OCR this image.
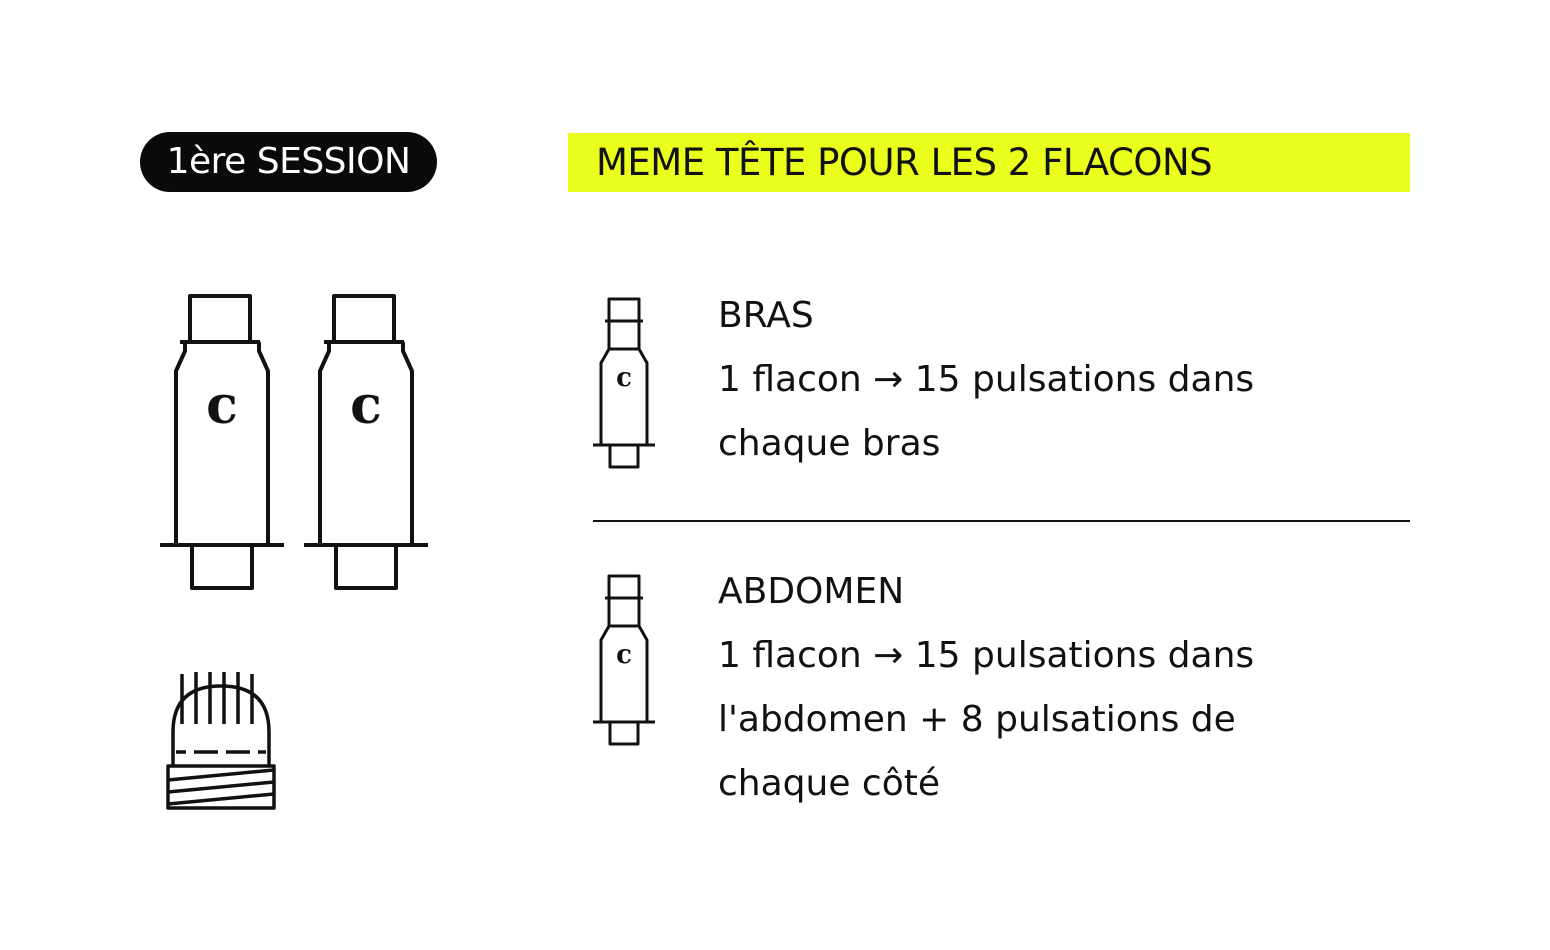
1ère SESSION	MEME TÊTE POUR LES 2 FLACONS
c c	c
BRAS
1 flacon → 15 pulsations dans chaque bras
c
ABDOMEN
1 flacon → 15 pulsations dans l'abdomen + 8 pulsations de chaque côté
